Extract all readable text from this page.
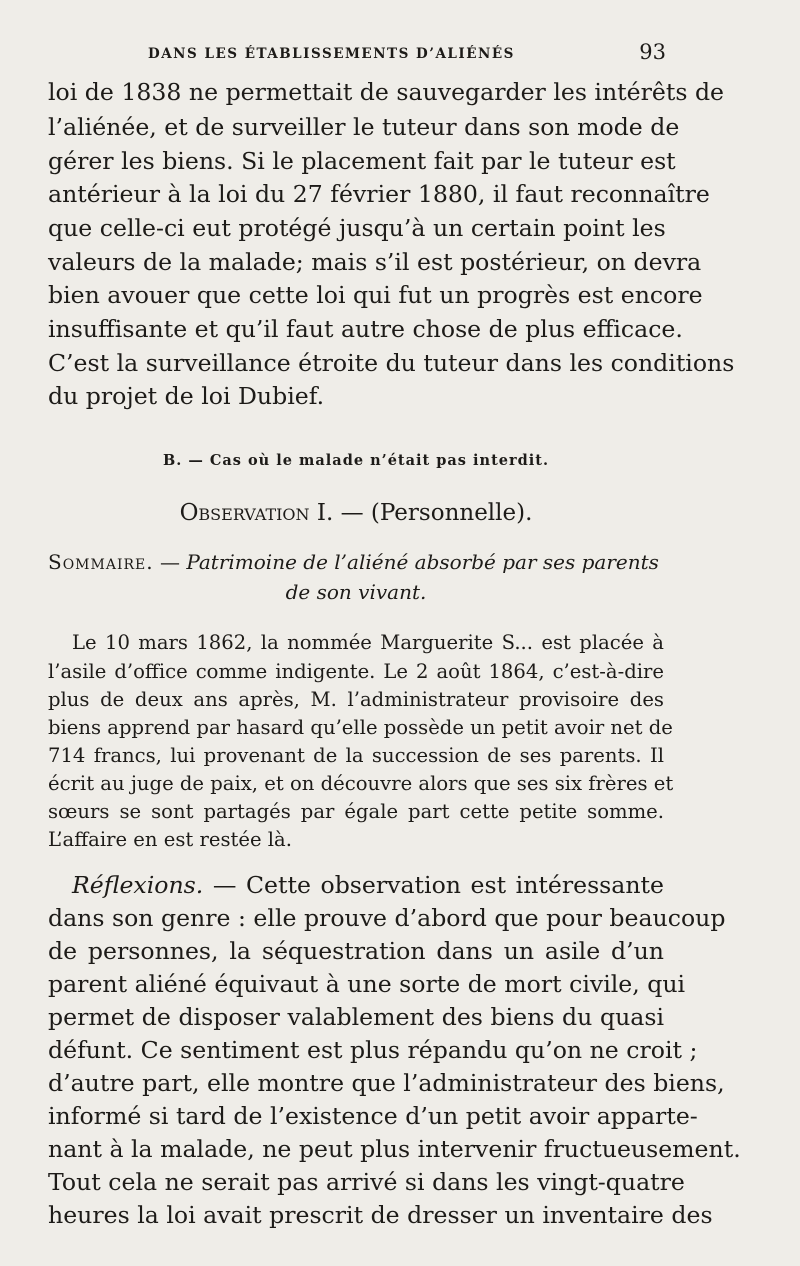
DANS LES ÉTABLISSEMENTS D’ALIÉNÉS	93
loi de 1838 ne permettait de sauvegarder les intérêts de
l’aliénée, et de surveiller le tuteur dans son mode de
gérer les biens. Si le placement fait par le tuteur est
antérieur à la loi du 27 février 1880, il faut reconnaître
que celle-ci eut protégé jusqu’à un certain point les
valeurs de la malade; mais s’il est postérieur, on devra
bien avouer que cette loi qui fut un progrès est encore
insuffisante et qu’il faut autre chose de plus efficace.
C’est la surveillance étroite du tuteur dans les conditions
du projet de loi Dubief.
B. — Cas où le malade n’était pas interdit.
Observation I. — (Personnelle).
Sommaire. — Patrimoine de l’aliéné absorbé par ses parents
de son vivant.
Le 10 mars 1862, la nommée Marguerite S... est placée à
l’asile d’office comme indigente. Le 2 août 1864, c’est-à-dire
plus de deux ans après, M. l’administrateur provisoire des
biens apprend par hasard qu’elle possède un petit avoir net de
714 francs, lui provenant de la succession de ses parents. Il
écrit au juge de paix, et on découvre alors que ses six frères et
sœurs se sont partagés par égale part cette petite somme.
L’affaire en est restée là.
Réflexions. — Cette observation est intéressante
dans son genre : elle prouve d’abord que pour beaucoup
de personnes, la séquestration dans un asile d’un
parent aliéné équivaut à une sorte de mort civile, qui
permet de disposer valablement des biens du quasi
défunt. Ce sentiment est plus répandu qu’on ne croit ;
d’autre part, elle montre que l’administrateur des biens,
informé si tard de l’existence d’un petit avoir apparte-
nant à la malade, ne peut plus intervenir fructueusement.
Tout cela ne serait pas arrivé si dans les vingt-quatre
heures la loi avait prescrit de dresser un inventaire des
